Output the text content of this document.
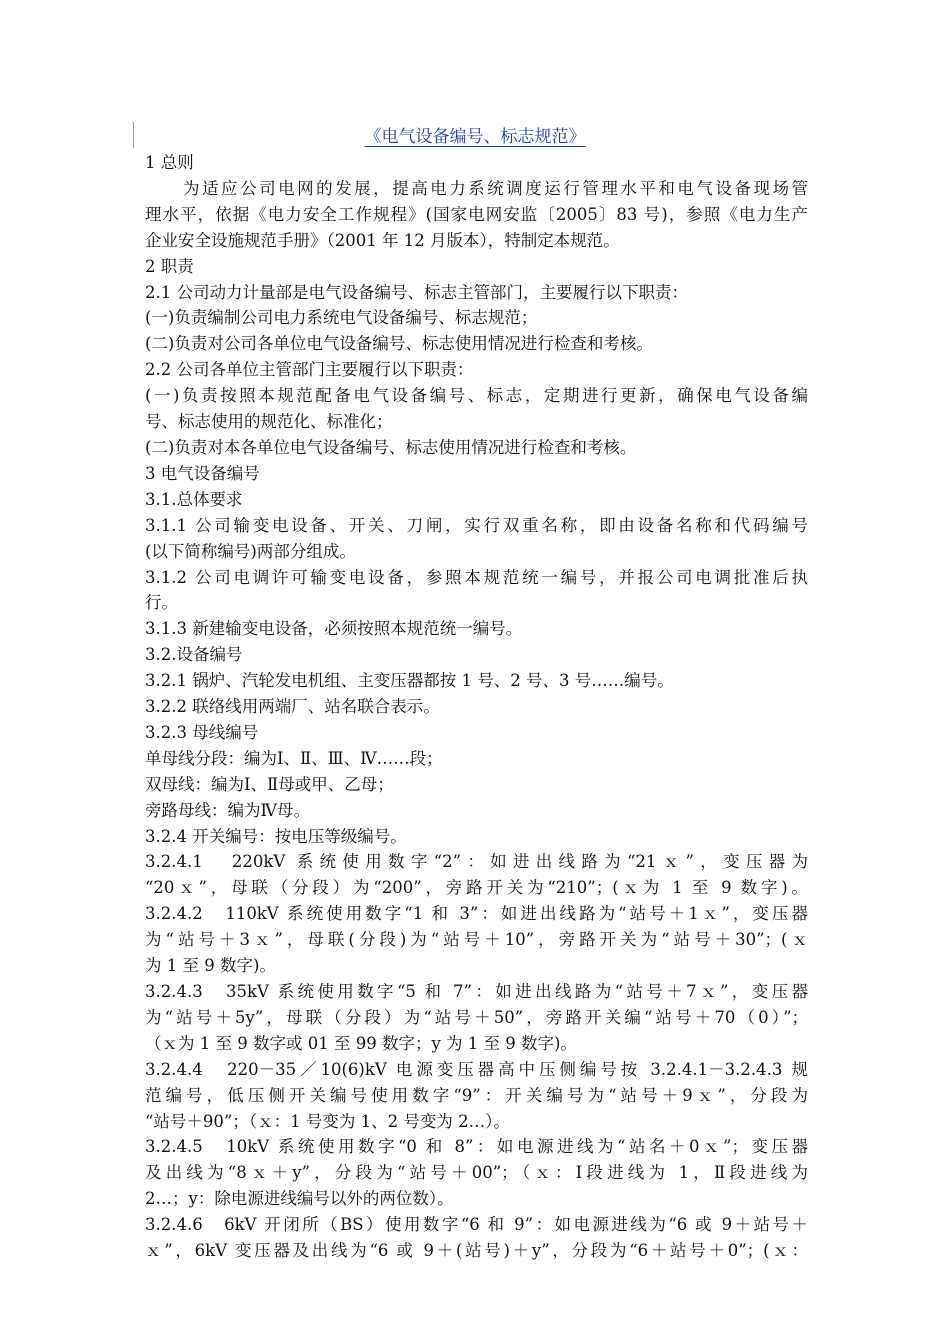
《电气设备编号、标志规范》
1 总则
　　为适应公司电网的发展，提高电力系统调度运行管理水平和电气设备现场管
理水平，依据《电力安全工作规程》(国家电网安监〔2005〕83 号)，参照《电力生产
企业安全设施规范手册》（2001 年 12 月版本），特制定本规范。
2 职责
2.1 公司动力计量部是电气设备编号、标志主管部门，主要履行以下职责：
(一)负责编制公司电力系统电气设备编号、标志规范；
(二)负责对公司各单位电气设备编号、标志使用情况进行检查和考核。
2.2 公司各单位主管部门主要履行以下职责：
(一)负责按照本规范配备电气设备编号、标志，定期进行更新，确保电气设备编
号、标志使用的规范化、标准化；
(二)负责对本各单位电气设备编号、标志使用情况进行检查和考核。
3 电气设备编号
3.1.总体要求
3.1.1 公司输变电设备、开关、刀闸，实行双重名称，即由设备名称和代码编号
(以下简称编号)两部分组成。
3.1.2 公司电调许可输变电设备，参照本规范统一编号，并报公司电调批准后执
行。
3.1.3 新建输变电设备，必须按照本规范统一编号。
3.2.设备编号
3.2.1 锅炉、汽轮发电机组、主变压器都按 1 号、2 号、3 号……编号。
3.2.2 联络线用两端厂、站名联合表示。
3.2.3 母线编号
单母线分段：编为Ⅰ、Ⅱ、Ⅲ、Ⅳ……段；
双母线：编为Ⅰ、Ⅱ母或甲、乙母；
旁路母线：编为Ⅳ母。
3.2.4 开关编号：按电压等级编号。
3.2.4.1　220kV 系统使用数字“2”：如进出线路为“21ｘ”，变压器为
“20ｘ”，母联（分段）为“200”，旁路开关为“210”；(ｘ为 1 至 9 数字)。
3.2.4.2　110kV 系统使用数字“1 和 3”：如进出线路为“站号＋1ｘ”，变压器
为“站号＋3ｘ”，母联(分段)为“站号＋10”，旁路开关为“站号＋30”；(ｘ
为 1 至 9 数字)。
3.2.4.3　35kV 系统使用数字“5 和 7”：如进出线路为“站号＋7ｘ”，变压器
为“站号＋5y”，母联（分段）为“站号＋50”，旁路开关编“站号＋70（0）”；
（ｘ为 1 至 9 数字或 01 至 99 数字；y 为 1 至 9 数字)。
3.2.4.4　220－35／10(6)kV 电源变压器高中压侧编号按 3.2.4.1－3.2.4.3 规
范编号，低压侧开关编号使用数字“9”：开关编号为“站号＋9ｘ”，分段为
“站号＋90”；（ｘ：1 号变为 1、2 号变为 2…）。
3.2.4.5　10kV 系统使用数字“0 和 8”：如电源进线为“站名＋0ｘ”；变压器
及出线为“8ｘ＋y”，分段为“站号＋00”；（ｘ：Ⅰ段进线为 1，Ⅱ段进线为
2…；y：除电源进线编号以外的两位数）。
3.2.4.6　6kV 开闭所（BS）使用数字“6 和 9”：如电源进线为“6 或 9＋站号＋
ｘ”，6kV 变压器及出线为“6 或 9＋(站号)＋y”，分段为“6＋站号＋0”；(ｘ：
